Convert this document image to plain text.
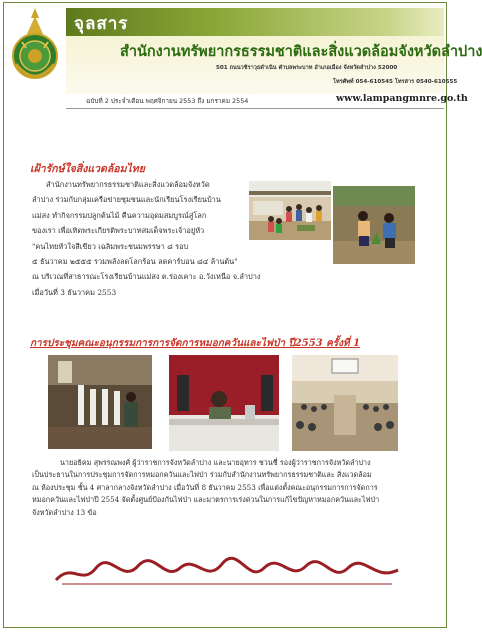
จุลสาร
สำนักงานทรัพยากรธรรมชาติและสิ่งแวดล้อมจังหวัดลำปาง
501 ถนนวชิราวุธดำเนิน ตำบลพระบาท อำเภอเมือง จังหวัดลำปาง 52000
โทรศัพท์ 054-610545 โทรสาร 0540-610555
ฉบับที่ 2 ประจำเดือน พฤศจิกายน 2553 ถึง มกราคม 2554	www.lampangmnre.go.th
เฝ้ารักษ์ใจสิ่งแวดล้อมไทย
สำนักงานทรัพยากรธรรมชาติและสิ่งแวดล้อมจังหวัด
ลำปาง ร่วมกับกลุ่มเครือข่ายชุมชนและนักเรียนโรงเรียนบ้าน
แม่สง ทำกิจกรรมปลูกต้นไม้ คืนความอุดมสมบูรณ์สู่โลก
ของเรา เพื่อเทิดพระเกียรติพระบาทสมเด็จพระเจ้าอยู่หัว
"คนไทยหัวใจสีเขียว เฉลิมพระชนมพรรษา ๘ รอบ
๕ ธันวาคม ๒๕๕๕ รวมพลังลดโลกร้อน ลดคาร์บอน ๘๔ ล้านต้น"
ณ บริเวณที่สาธารณะโรงเรียนบ้านแม่สง ต.ร่องเคาะ อ.วังเหนือ จ.ลำปาง
เมื่อวันที่ 3 ธันวาคม 2553
การประชุมคณะอนุกรรมการการจัดการหมอกควันและไฟป่า ปี2553 ครั้งที่ 1
นายอธิคม สุพรรณพงศ์ ผู้ว่าราชการจังหวัดลำปาง และนายอุทาร ชวนชื่ รองผู้ว่าราชการจังหวัดลำปาง
เป็นประธานในการประชุมการจัดการหมอกควันและไฟป่า ร่วมกับสำนักงานทรัพยากรธรรมชาติและ สิ่งแวดล้อม
ณ ห้องประชุม ชั้น 4 ศาลากลางจังหวัดลำปาง เมื่อวันที่ 8 ธันวาคม 2553 เพื่อแต่งตั้งคณะอนุกรรมการการจัดการ
หมอกควันและไฟป่าปี 2554 จัดตั้งศูนย์ป้องกันไฟป่า และมาตรการเร่งด่วนในการแก้ไขปัญหาหมอกควันและไฟป่า
จังหวัดลำปาง 13 ข้อ
